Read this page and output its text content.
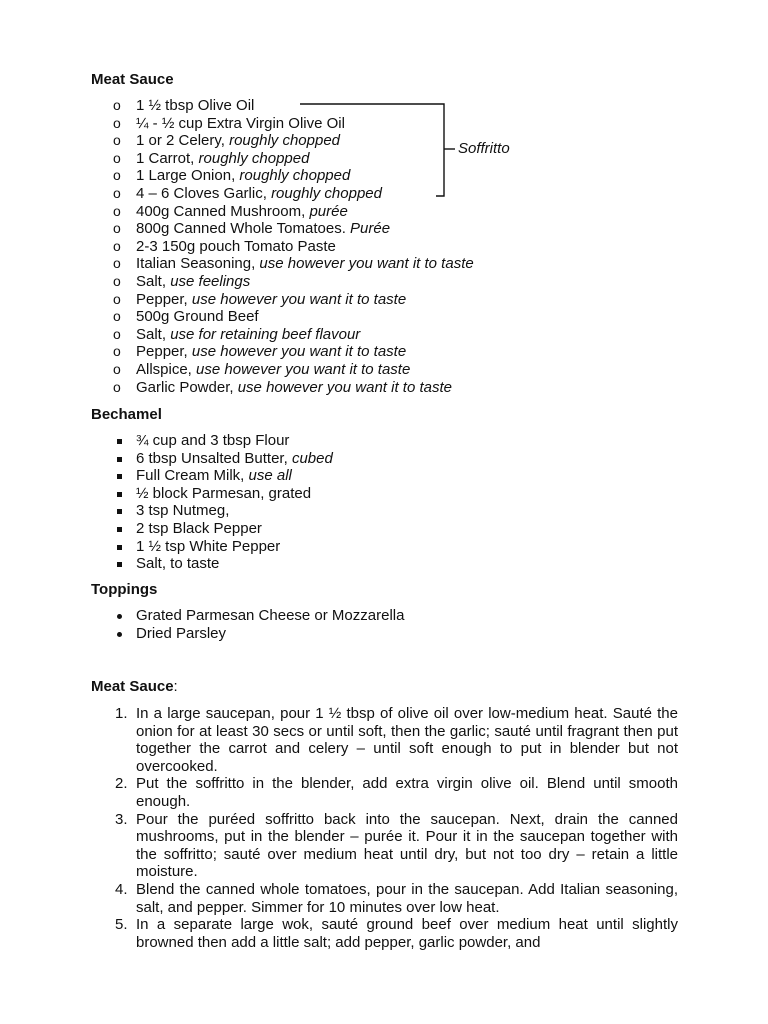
Meat Sauce
o	1 ½ tbsp Olive Oil
o	¼ - ½ cup Extra Virgin Olive Oil
o	1 or 2 Celery, roughly chopped
o	1 Carrot, roughly chopped
o	1 Large Onion, roughly chopped
o	4 – 6 Cloves Garlic, roughly chopped
o	400g Canned Mushroom, purée
o	800g Canned Whole Tomatoes. Purée
o	2-3 150g pouch Tomato Paste
o	Italian Seasoning, use however you want it to taste
o	Salt, use feelings
o	Pepper, use however you want it to taste
o	500g Ground Beef
o	Salt, use for retaining beef flavour
o	Pepper, use however you want it to taste
o	Allspice, use however you want it to taste
o	Garlic Powder, use however you want it to taste
Soffritto
Bechamel
¾ cup and 3 tbsp Flour
6 tbsp Unsalted Butter, cubed
Full Cream Milk, use all
½ block Parmesan, grated
3 tsp Nutmeg,
2 tsp Black Pepper
1 ½ tsp White Pepper
Salt, to taste
Toppings
Grated Parmesan Cheese or Mozzarella
Dried Parsley
Meat Sauce:
1. In a large saucepan, pour 1 ½ tbsp of olive oil over low-medium heat. Sauté the onion for at least 30 secs or until soft, then the garlic; sauté until fragrant then put together the carrot and celery – until soft enough to put in blender but not overcooked.
2. Put the soffritto in the blender, add extra virgin olive oil. Blend until smooth enough.
3. Pour the puréed soffritto back into the saucepan. Next, drain the canned mushrooms, put in the blender – purée it. Pour it in the saucepan together with the soffritto; sauté over medium heat until dry, but not too dry – retain a little moisture.
4. Blend the canned whole tomatoes, pour in the saucepan. Add Italian seasoning, salt, and pepper. Simmer for 10 minutes over low heat.
5. In a separate large wok, sauté ground beef over medium heat until slightly browned then add a little salt; add pepper, garlic powder, and
